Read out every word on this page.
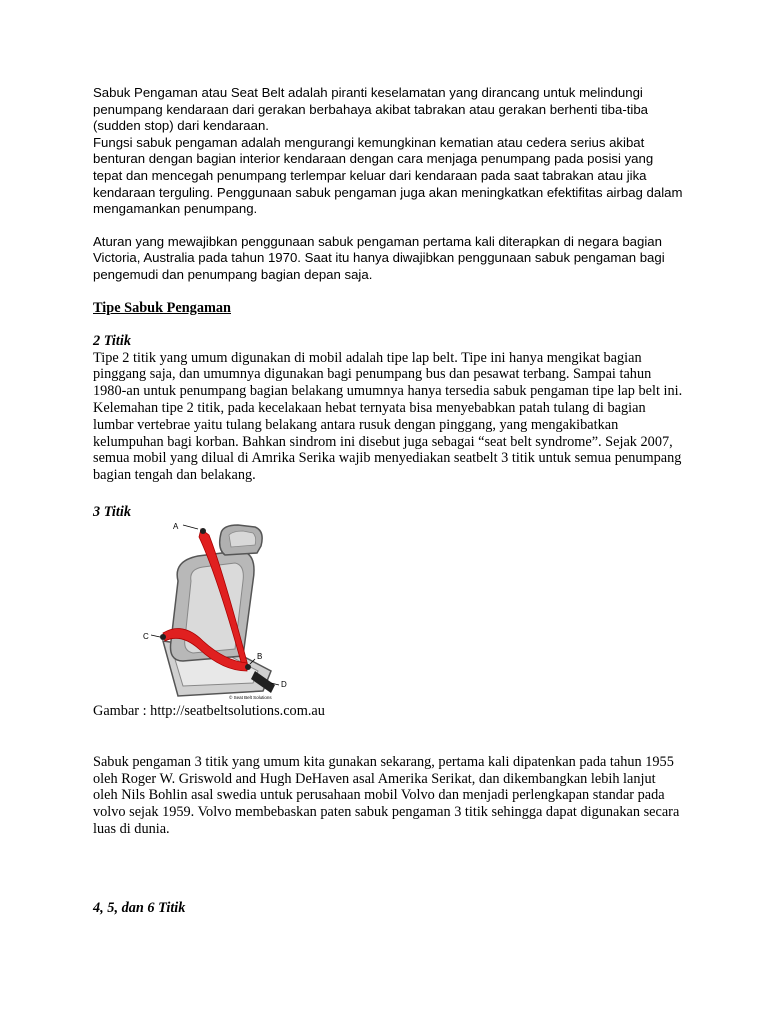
Sabuk Pengaman atau Seat Belt adalah piranti keselamatan yang dirancang untuk melindungi penumpang kendaraan dari gerakan berbahaya akibat tabrakan atau gerakan berhenti tiba-tiba (sudden stop) dari kendaraan.

Fungsi sabuk pengaman adalah mengurangi kemungkinan kematian atau cedera serius akibat benturan dengan bagian interior kendaraan dengan cara menjaga penumpang pada posisi yang tepat dan mencegah penumpang terlempar keluar dari kendaraan pada saat tabrakan atau jika kendaraan terguling. Penggunaan sabuk pengaman juga akan meningkatkan efektifitas airbag dalam mengamankan penumpang.

Aturan yang mewajibkan penggunaan sabuk pengaman pertama kali diterapkan di negara bagian Victoria, Australia pada tahun 1970. Saat itu hanya diwajibkan penggunaan sabuk pengaman bagi pengemudi dan penumpang bagian depan saja.

Tipe Sabuk Pengaman
2 Titik

Tipe 2 titik yang umum digunakan di mobil adalah tipe lap belt. Tipe ini hanya mengikat bagian pinggang saja, dan umumnya digunakan bagi penumpang bus dan pesawat terbang. Sampai tahun 1980-an untuk penumpang bagian belakang umumnya hanya tersedia sabuk pengaman tipe lap belt ini.

Kelemahan tipe 2 titik, pada kecelakaan hebat ternyata bisa menyebabkan patah tulang di bagian lumbar vertebrae yaitu tulang belakang antara rusuk dengan pinggang, yang mengakibatkan kelumpuhan bagi korban. Bahkan sindrom ini disebut juga sebagai “seat belt syndrome”. Sejak 2007, semua mobil yang dilual di Amrika Serika wajib menyediakan seatbelt 3 titik untuk semua penumpang bagian tengah dan belakang.

3 Titik
A
C
B
D
© Seat Belt Solutions

Gambar : http://seatbeltsolutions.com.au

Sabuk pengaman 3 titik yang umum kita gunakan sekarang, pertama kali dipatenkan pada tahun 1955 oleh Roger W. Griswold and Hugh DeHaven asal Amerika Serikat, dan dikembangkan lebih lanjut oleh Nils Bohlin asal swedia untuk perusahaan mobil Volvo dan menjadi perlengkapan standar pada volvo sejak 1959. Volvo membebaskan paten sabuk pengaman 3 titik sehingga dapat digunakan secara luas di dunia.

4, 5, dan 6 Titik
